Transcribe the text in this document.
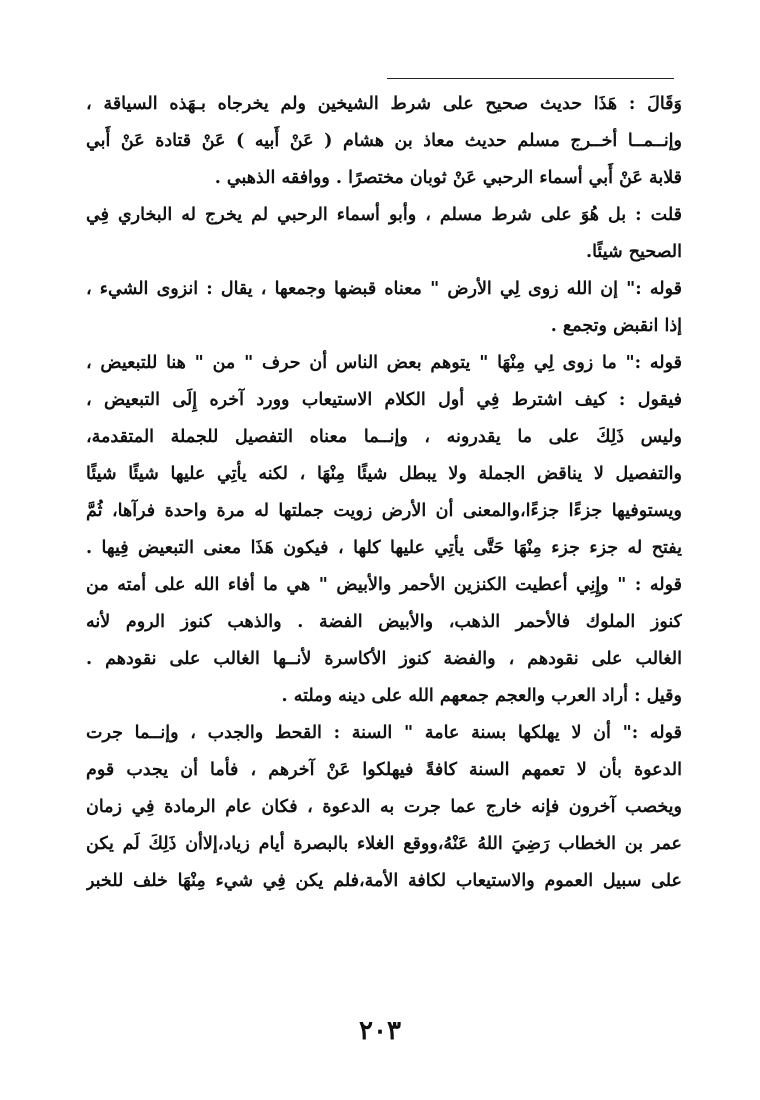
وَقَالَ : هَذَا حديث صحيح على شرط الشيخين ولم يخرجاه بـهَذه السياقة ،
وإنــمــا أخــرج مسلم حديث معاذ بن هشام ( عَنْ أَبيه ) عَنْ قتادة عَنْ أَبي
قلابة عَنْ أَبي أسماء الرحبي عَنْ ثوبان مختصرًا . ووافقه الذهبي .
قلت : بل هُوَ على شرط مسلم ، وأبو أسماء الرحبي لم يخرج له البخاري فِي
الصحيح شيئًا.
قوله :" إن الله زوى لِي الأرض " معناه قبضها وجمعها ، يقال : انزوى الشيء ،
إذا انقبض وتجمع .
قوله :" ما زوى لِي مِنْهَا " يتوهم بعض الناس أن حرف " من " هنا للتبعيض ،
فيقول : كيف اشترط فِي أول الكلام الاستيعاب وورد آخره إِلَى التبعيض ،
وليس ذَلِكَ على ما يقدرونه ، وإنــما معناه التفصيل للجملة المتقدمة،
والتفصيل لا يناقض الجملة ولا يبطل شيئًا مِنْهَا ، لكنه يأتِي عليها شيئًا شيئًا
ويستوفيها جزءًا جزءًا،والمعنى أن الأرض زويت جملتها له مرة واحدة فرآها، ثُمَّ
يفتح له جزء جزء مِنْهَا حَتَّى يأتِي عليها كلها ، فيكون هَذَا معنى التبعيض فِيها .
قوله : " وإِنِي أعطيت الكنزين الأحمر والأبيض " هي ما أفاء الله على أمته من
كنوز الملوك فالأحمر الذهب، والأبيض الفضة . والذهب كنوز الروم لأنه
الغالب على نقودهم ، والفضة كنوز الأكاسرة لأنــها الغالب على نقودهم .
وقيل : أراد العرب والعجم جمعهم الله على دينه وملته .
قوله :" أن لا يهلكها بسنة عامة " السنة : القحط والجدب ، وإنــما جرت
الدعوة بأن لا تعمهم السنة كافةً فيهلكوا عَنْ آخرهم ، فأما أن يجدب قوم
ويخصب آخرون فإنه خارج عما جرت به الدعوة ، فكان عام الرمادة فِي زمان
عمر بن الخطاب رَضِيَ اللهُ عَنْهُ،ووقع الغلاء بالبصرة أيام زياد،إلاأن ذَلِكَ لَم يكن
على سبيل العموم والاستيعاب لكافة الأمة،فلم يكن فِي شيء مِنْهَا خلف للخبر
٢٠٣
